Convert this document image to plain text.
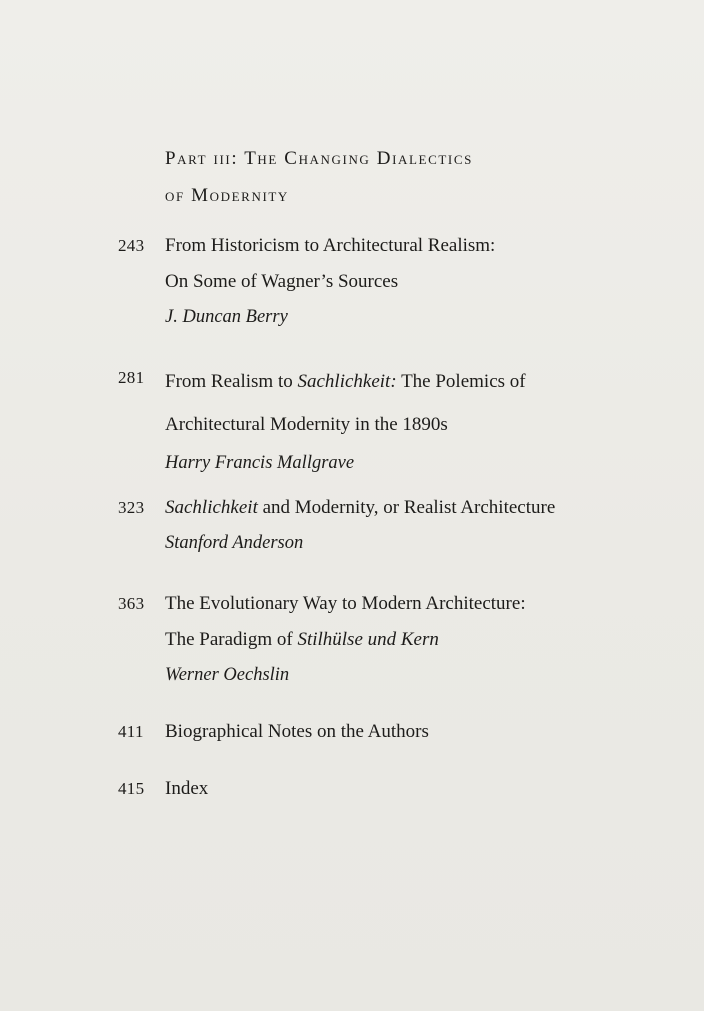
Part iii: The Changing Dialectics
of Modernity
243	From Historicism to Architectural Realism:
On Some of Wagner’s Sources
J. Duncan Berry
281	From Realism to Sachlichkeit: The Polemics of
Architectural Modernity in the 1890s
Harry Francis Mallgrave
323	Sachlichkeit and Modernity, or Realist Architecture
Stanford Anderson
363	The Evolutionary Way to Modern Architecture:
The Paradigm of Stilhülse und Kern
Werner Oechslin
411	Biographical Notes on the Authors
415	Index
